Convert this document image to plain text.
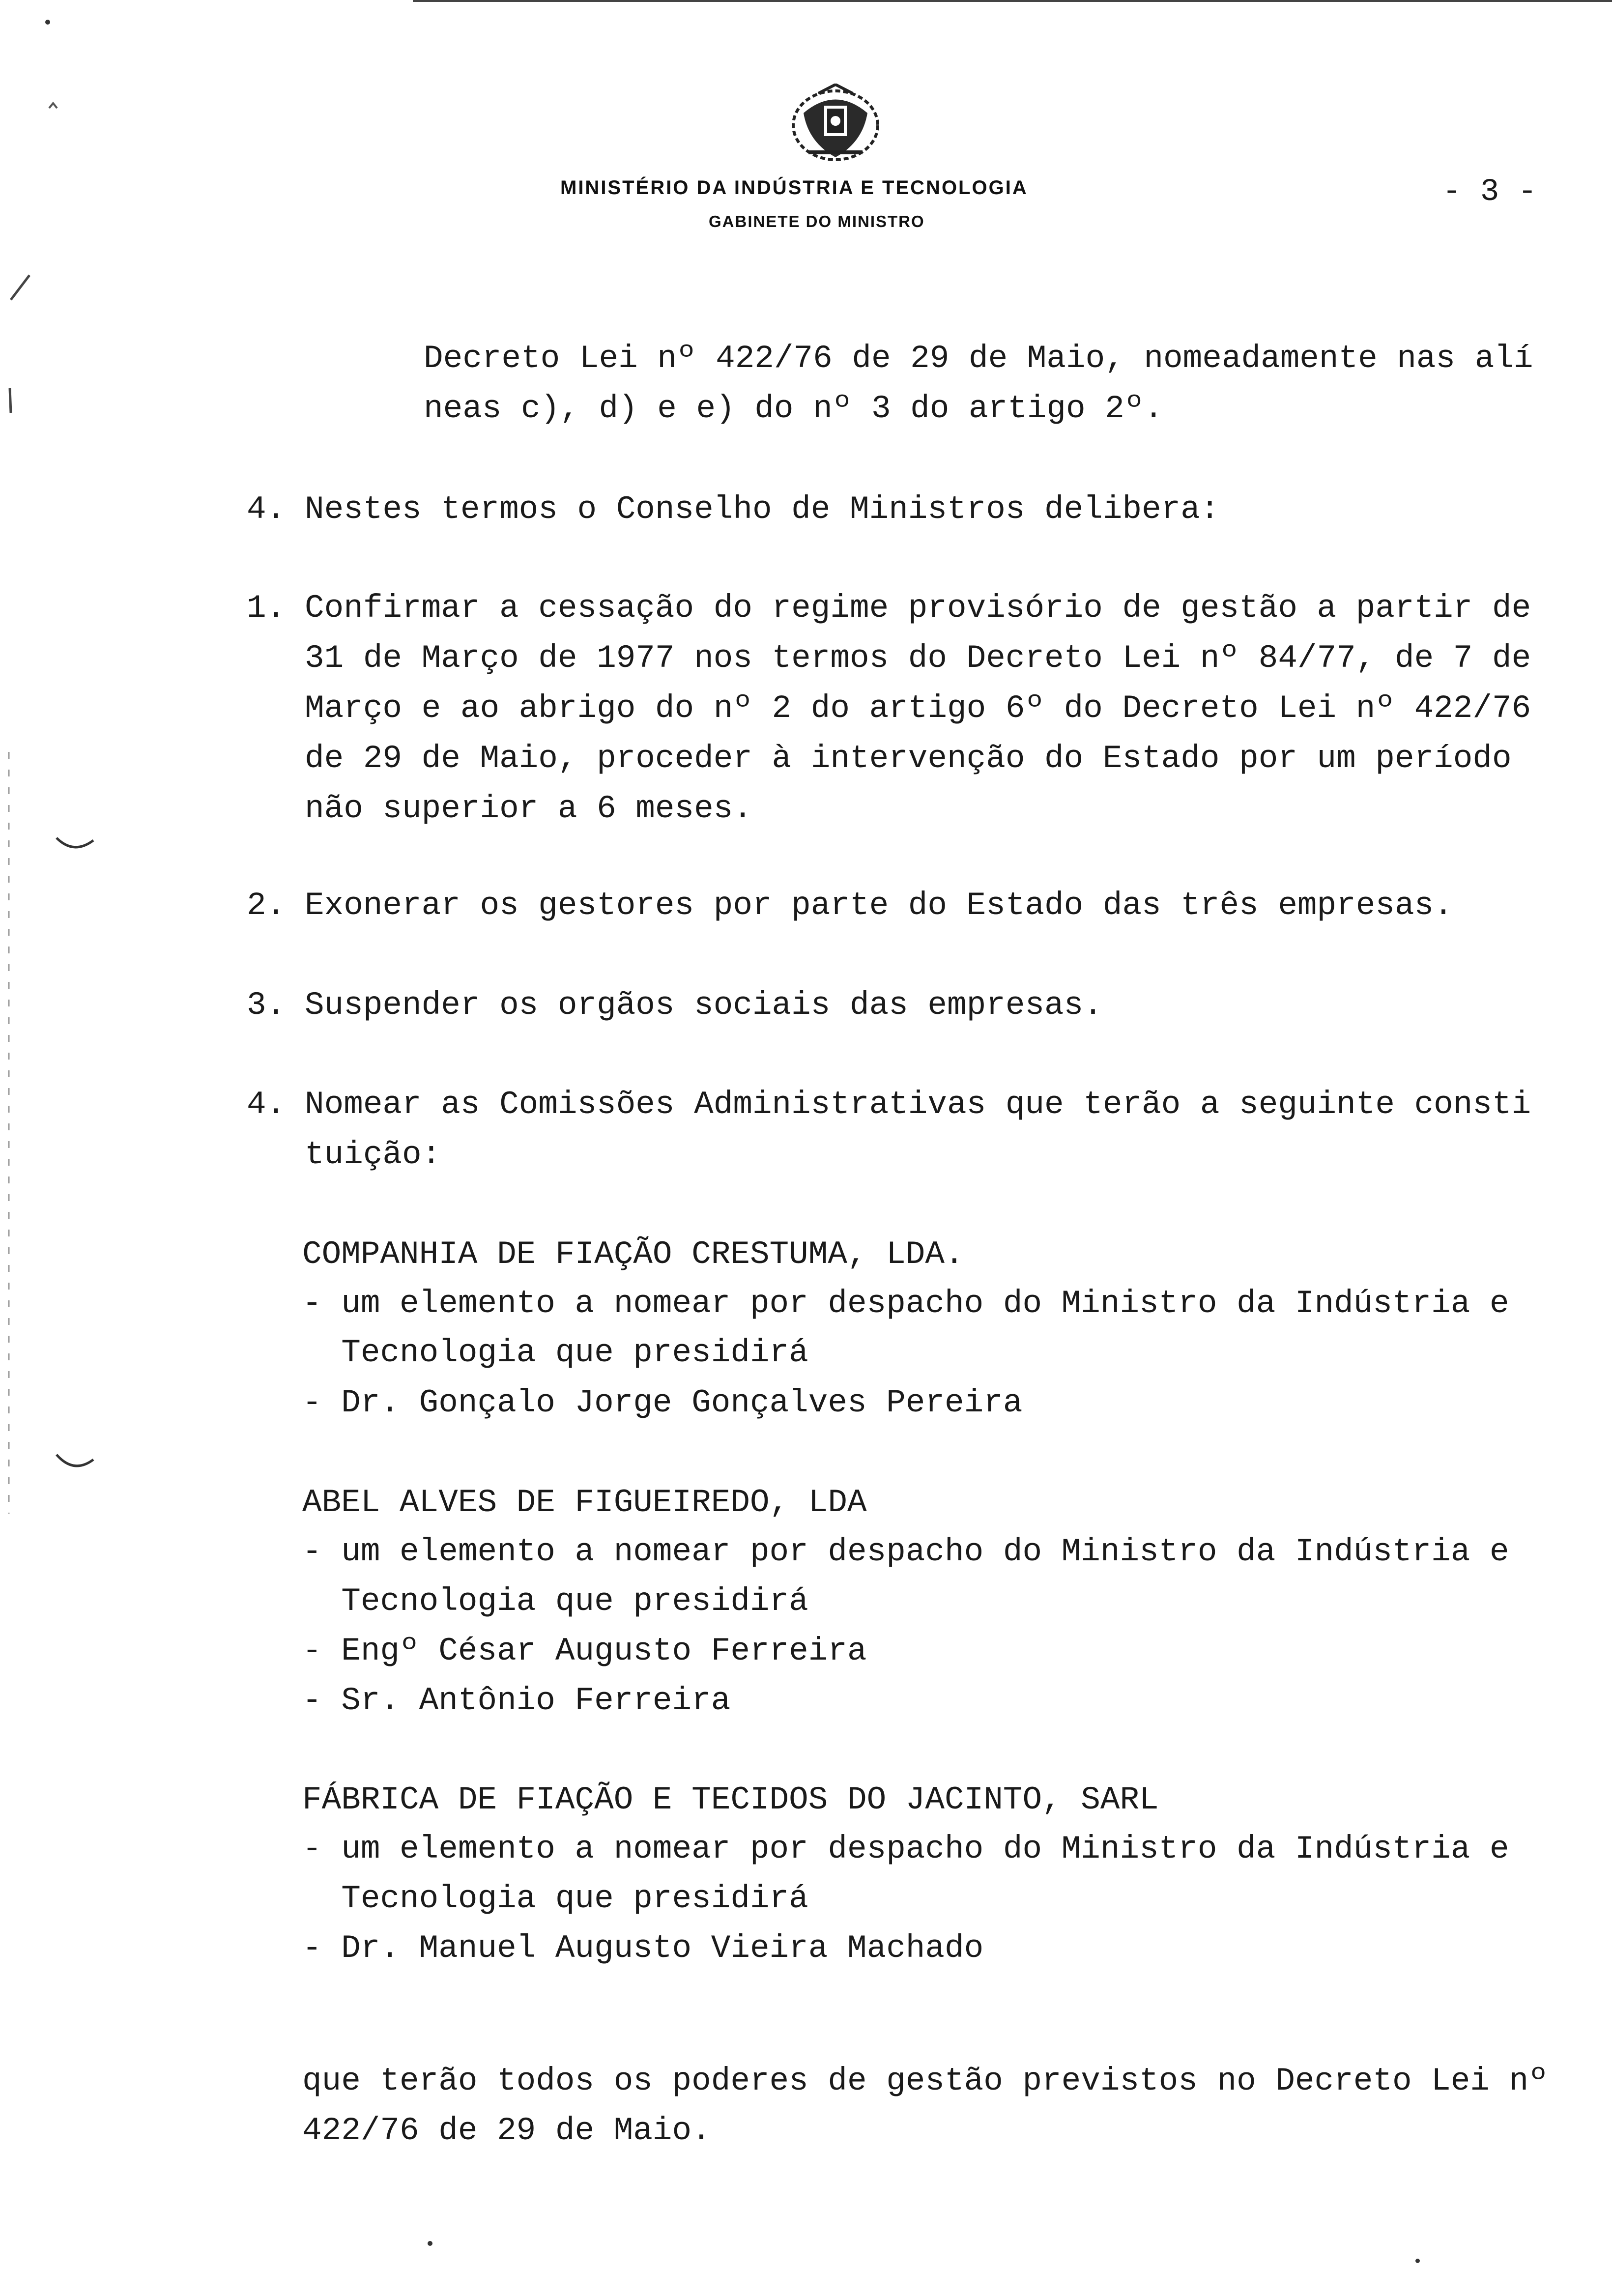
MINISTÉRIO DA INDÚSTRIA E TECNOLOGIA
GABINETE DO MINISTRO
- 3 -
Decreto Lei nº 422/76 de 29 de Maio, nomeadamente nas alí
neas c), d) e e) do nº 3 do artigo 2º.
4. Nestes termos o Conselho de Ministros delibera:
1. Confirmar a cessação do regime provisório de gestão a partir de
31 de Março de 1977 nos termos do Decreto Lei nº 84/77, de 7 de
Março e ao abrigo do nº 2 do artigo 6º do Decreto Lei nº 422/76
de 29 de Maio, proceder à intervenção do Estado por um período
não superior a 6 meses.
2. Exonerar os gestores por parte do Estado das três empresas.
3. Suspender os orgãos sociais das empresas.
4. Nomear as Comissões Administrativas que terão a seguinte consti
tuição:
COMPANHIA DE FIAÇÃO CRESTUMA, LDA.
- um elemento a nomear por despacho do Ministro da Indústria e
Tecnologia que presidirá
- Dr. Gonçalo Jorge Gonçalves Pereira
ABEL ALVES DE FIGUEIREDO, LDA
- um elemento a nomear por despacho do Ministro da Indústria e
Tecnologia que presidirá
- Engº César Augusto Ferreira
- Sr. Antônio Ferreira
FÁBRICA DE FIAÇÃO E TECIDOS DO JACINTO, SARL
- um elemento a nomear por despacho do Ministro da Indústria e
Tecnologia que presidirá
- Dr. Manuel Augusto Vieira Machado
que terão todos os poderes de gestão previstos no Decreto Lei nº
422/76 de 29 de Maio.
